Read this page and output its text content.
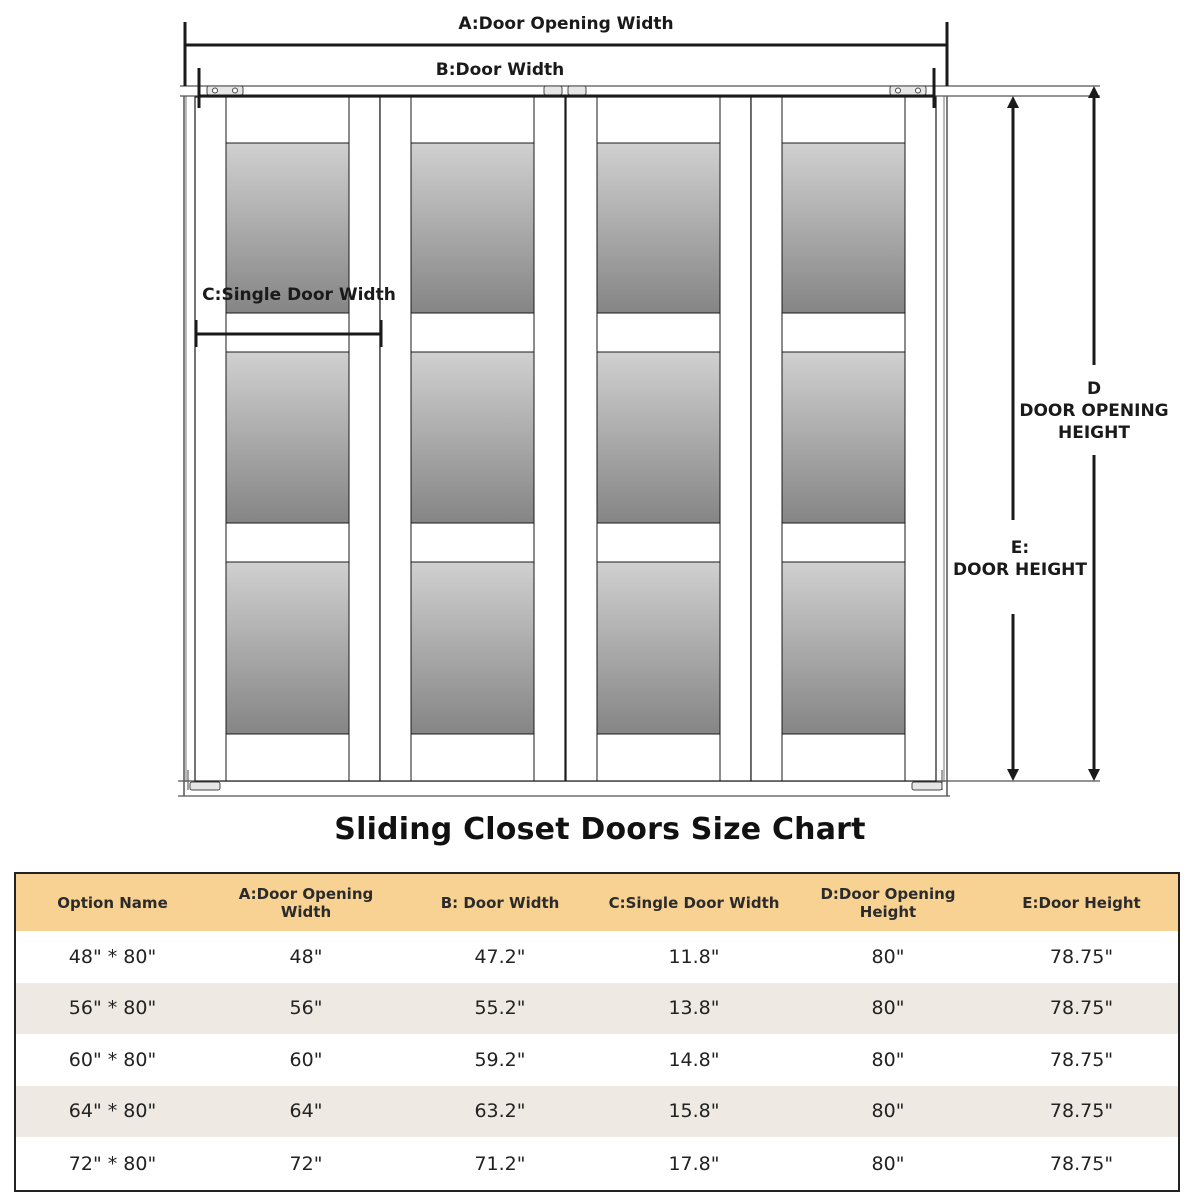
A:Door Opening Width
B:Door Width
C:Single Door Width
D
DOOR OPENING
HEIGHT
E:
DOOR HEIGHT
Sliding Closet Doors Size Chart
Option Name	A:Door Opening Width	B: Door Width	C:Single Door Width	D:Door Opening Height	E:Door Height
48" * 80"	48"	47.2"	11.8"	80"	78.75"
56" * 80"	56"	55.2"	13.8"	80"	78.75"
60" * 80"	60"	59.2"	14.8"	80"	78.75"
64" * 80"	64"	63.2"	15.8"	80"	78.75"
72" * 80"	72"	71.2"	17.8"	80"	78.75"
